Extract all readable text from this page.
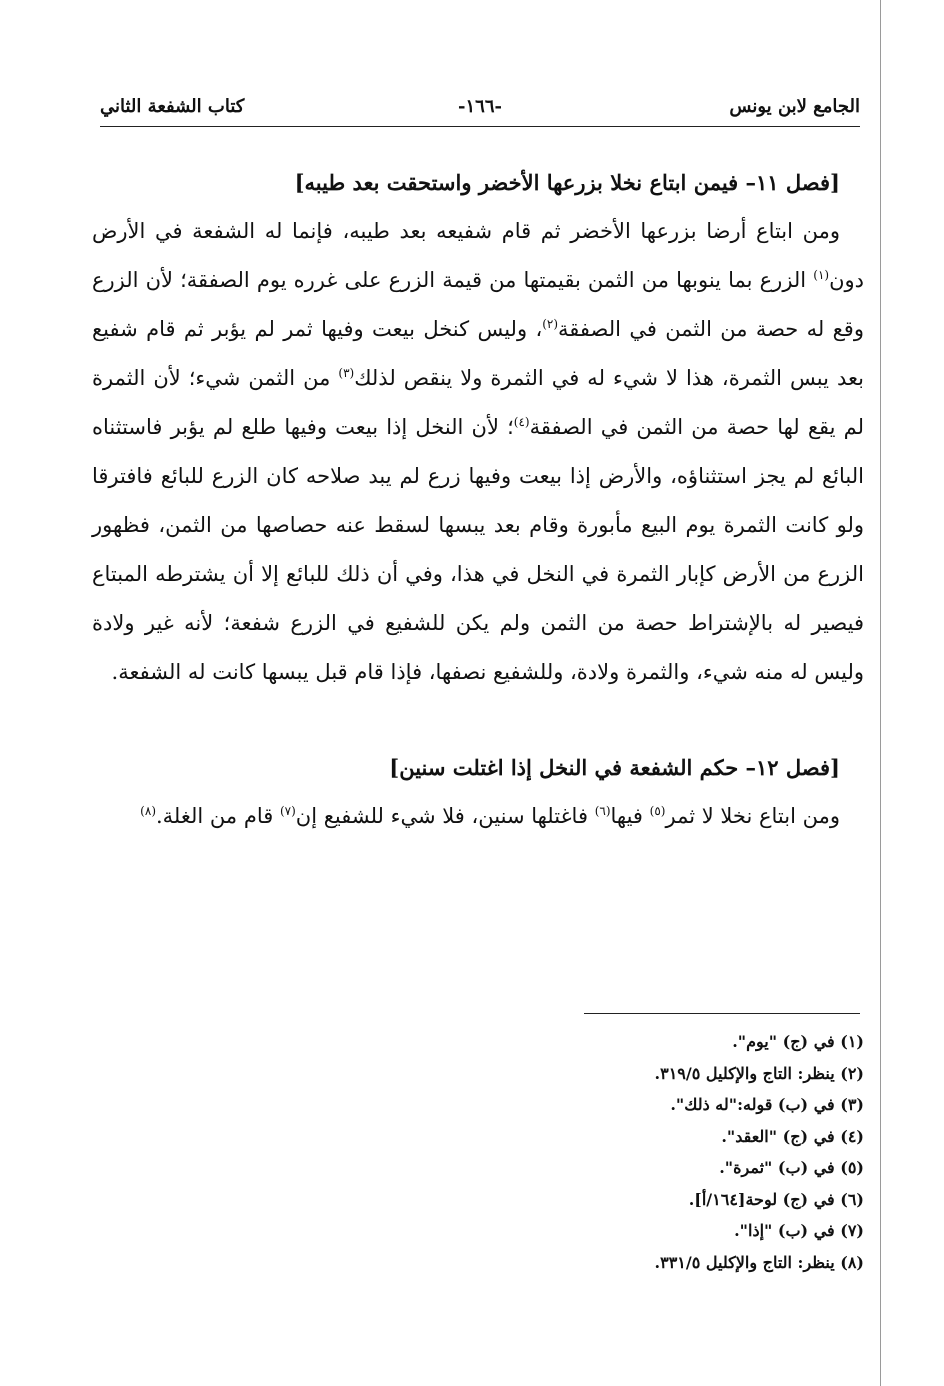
الجامع لابن يونس
-١٦٦-
كتاب الشفعة الثاني

[فصل ١١– فيمن ابتاع نخلا بزرعها الأخضر واستحقت بعد طيبه]

ومن ابتاع أرضا بزرعها الأخضر ثم قام شفيعه بعد طيبه، فإنما له الشفعة في الأرض دون$^{(١)}$ الزرع بما ينوبها من الثمن بقيمتها من قيمة الزرع على غرره يوم الصفقة؛ لأن الزرع وقع له حصة من الثمن في الصفقة$^{(٢)}$، وليس كنخل بيعت وفيها ثمر لم يؤبر ثم قام شفيع بعد يبس الثمرة، هذا لا شيء له في الثمرة ولا ينقص لذلك$^{(٣)}$ من الثمن شيء؛ لأن الثمرة لم يقع لها حصة من الثمن في الصفقة$^{(٤)}$؛ لأن النخل إذا بيعت وفيها طلع لم يؤبر فاستثناه البائع لم يجز استثناؤه، والأرض إذا بيعت وفيها زرع لم يبد صلاحه كان الزرع للبائع فافترقا ولو كانت الثمرة يوم البيع مأبورة وقام بعد يبسها لسقط عنه حصاصها من الثمن، فظهور الزرع من الأرض كإبار الثمرة في النخل في هذا، وفي أن ذلك للبائع إلا أن يشترطه المبتاع فيصير له بالإشتراط حصة من الثمن ولم يكن للشفيع في الزرع شفعة؛ لأنه غير ولادة وليس له منه شيء، والثمرة ولادة، وللشفيع نصفها، فإذا قام قبل يبسها كانت له الشفعة.

[فصل ١٢– حكم الشفعة في النخل إذا اغتلت سنين]

ومن ابتاع نخلا لا ثمر$^{(٥)}$ فيها$^{(٦)}$ فاغتلها سنين، فلا شيء للشفيع إن$^{(٧)}$ قام من الغلة.$^{(٨)}$

(١) في (ج) "يوم".
(٢) ينظر: التاج والإكليل ٣١٩/٥.
(٣) في (ب) قوله:"له ذلك".
(٤) في (ج) "العقد".
(٥) في (ب) "ثمرة".
(٦) في (ج) لوحة[١٦٤/أ].
(٧) في (ب) "إذا".
(٨) ينظر: التاج والإكليل ٣٣١/٥.
